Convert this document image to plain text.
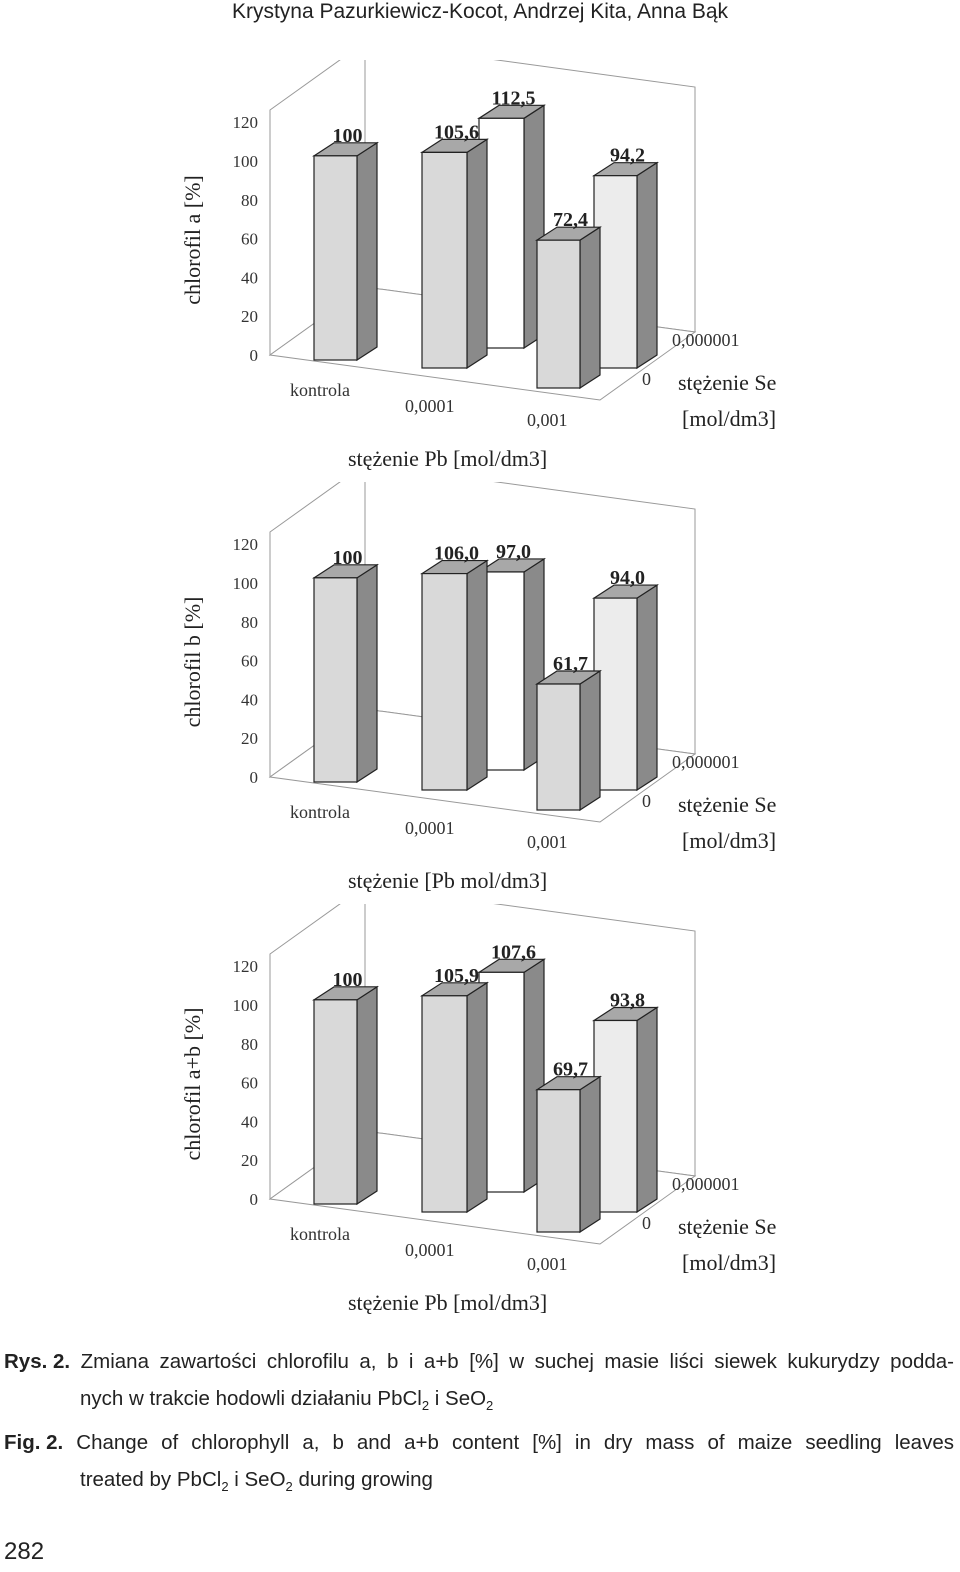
Krystyna Pazurkiewicz-Kocot, Andrzej Kita, Anna Bąk
0
20
40
60
80
100
120
chlorofil a [%]
112,5
94,2
100	105,6
72,4
kontrola
0,0001
0,001
0
0,000001
stężenie Se
[mol/dm3]
stężenie Pb [mol/dm3]
0
20
40
60
80
100
120
chlorofil b [%]
97,0
94,0
100	106,0
61,7
kontrola
0,0001
0,001
0
0,000001
stężenie Se
[mol/dm3]
stężenie [Pb mol/dm3]
0
20
40
60
80
100
120
chlorofil a+b [%]
107,6
93,8
100	105,9
69,7
kontrola
0,0001
0,001
0
0,000001
stężenie Se
[mol/dm3]
stężenie Pb [mol/dm3]
Rys. 2. Zmiana zawartości chlorofilu a, b i a+b [%] w suchej masie liści siewek kukurydzy podda-
nych w trakcie hodowli działaniu PbCl$_2$ i SeO$_2$
Fig. 2. Change of chlorophyll a, b and a+b content [%] in dry mass of maize seedling leaves
treated by PbCl$_2$ i SeO$_2$ during growing
282
